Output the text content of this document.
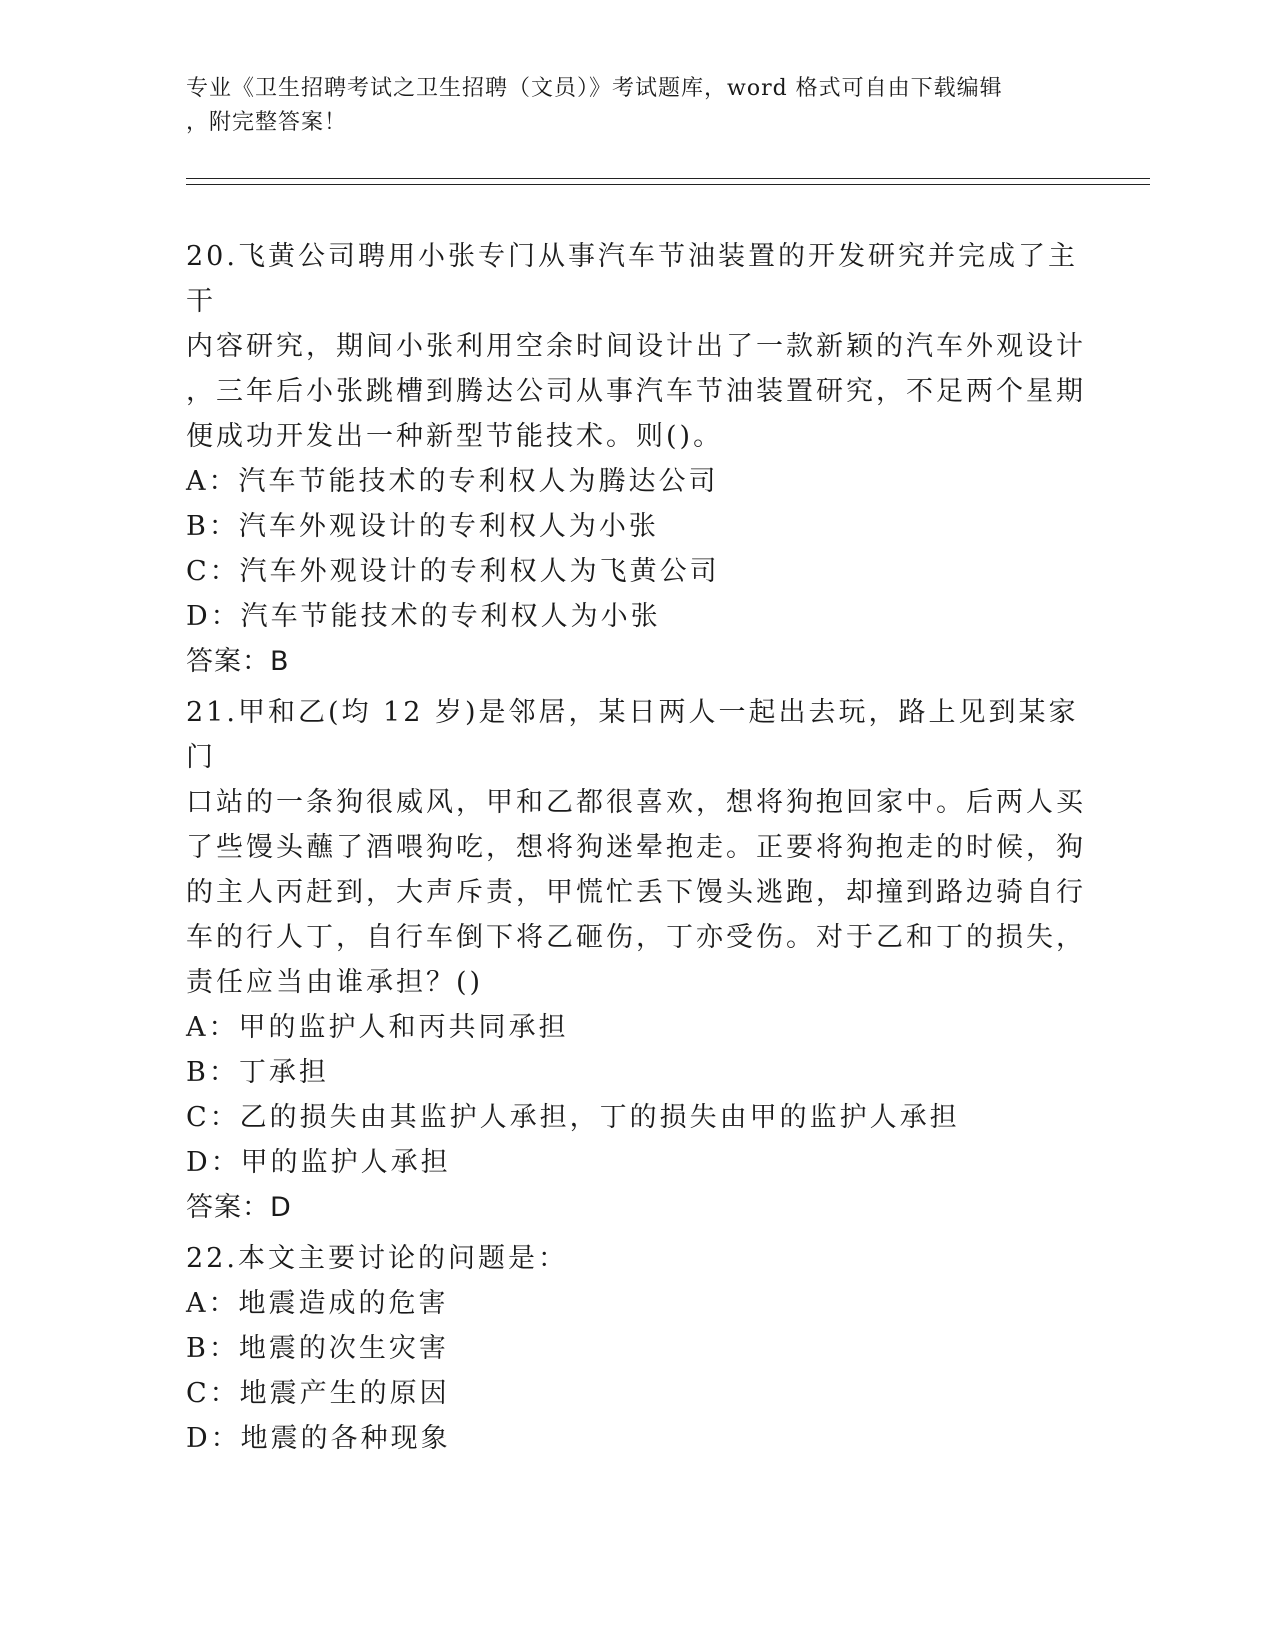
专业《卫生招聘考试之卫生招聘（文员）》考试题库，word 格式可自由下载编辑
，附完整答案！
20.飞黄公司聘用小张专门从事汽车节油装置的开发研究并完成了主干
内容研究，期间小张利用空余时间设计出了一款新颖的汽车外观设计
，三年后小张跳槽到腾达公司从事汽车节油装置研究，不足两个星期
便成功开发出一种新型节能技术。则()。
A：汽车节能技术的专利权人为腾达公司
B：汽车外观设计的专利权人为小张
C：汽车外观设计的专利权人为飞黄公司
D：汽车节能技术的专利权人为小张
答案：B
21.甲和乙(均 12 岁)是邻居，某日两人一起出去玩，路上见到某家门
口站的一条狗很威风，甲和乙都很喜欢，想将狗抱回家中。后两人买
了些馒头蘸了酒喂狗吃，想将狗迷晕抱走。正要将狗抱走的时候，狗
的主人丙赶到，大声斥责，甲慌忙丢下馒头逃跑，却撞到路边骑自行
车的行人丁，自行车倒下将乙砸伤，丁亦受伤。对于乙和丁的损失，
责任应当由谁承担？()
A：甲的监护人和丙共同承担
B：丁承担
C：乙的损失由其监护人承担，丁的损失由甲的监护人承担
D：甲的监护人承担
答案：D
22.本文主要讨论的问题是：
A：地震造成的危害
B：地震的次生灾害
C：地震产生的原因
D：地震的各种现象
